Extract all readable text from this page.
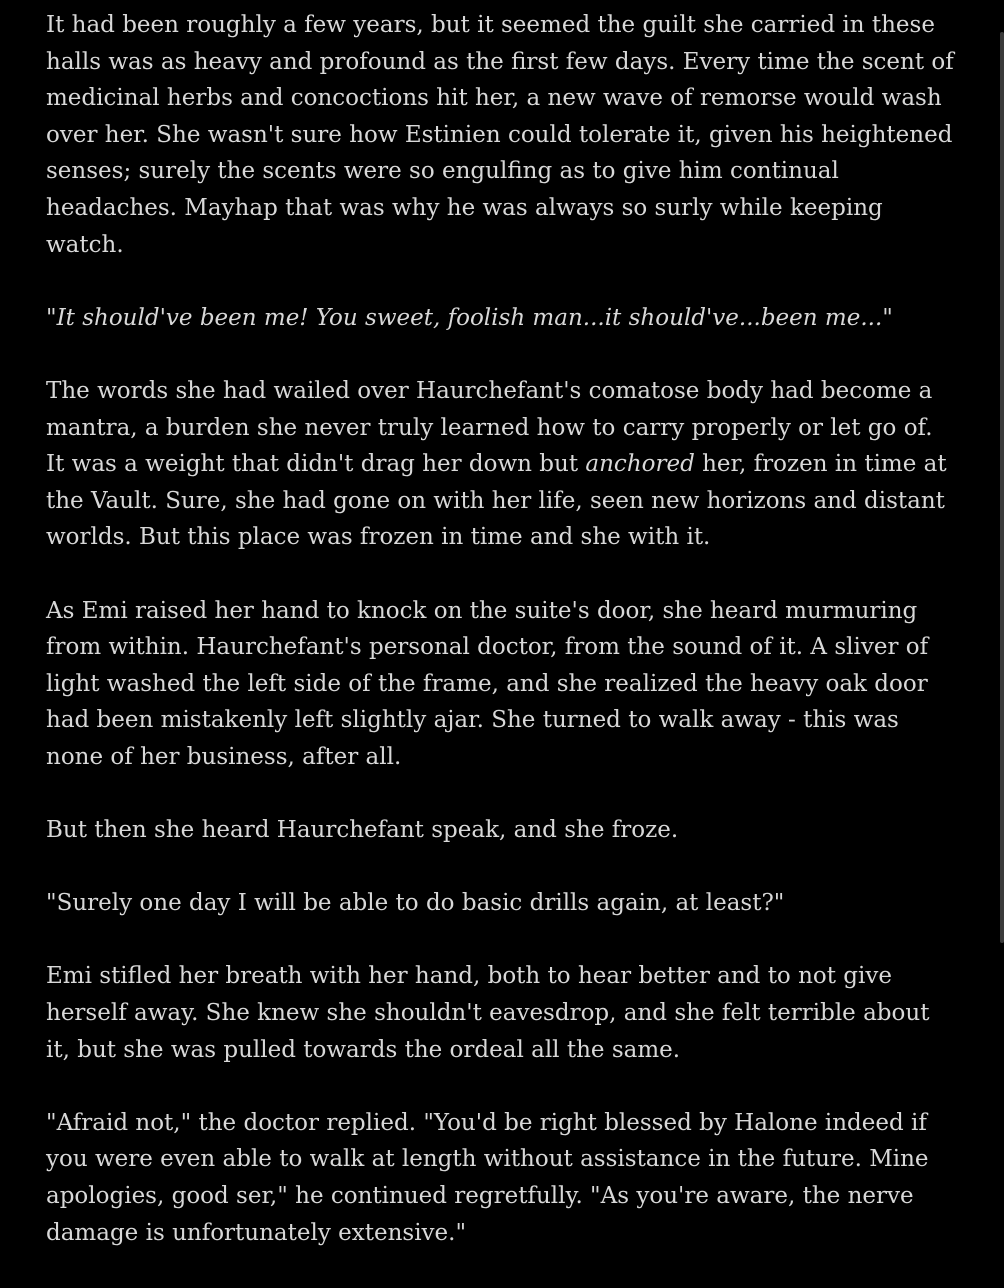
It had been roughly a few years, but it seemed the guilt she carried in these halls was as heavy and profound as the first few days. Every time the scent of medicinal herbs and concoctions hit her, a new wave of remorse would wash over her. She wasn't sure how Estinien could tolerate it, given his heightened senses; surely the scents were so engulfing as to give him continual headaches. Mayhap that was why he was always so surly while keeping watch.

"It should've been me! You sweet, foolish man...it should've...been me..."

The words she had wailed over Haurchefant's comatose body had become a mantra, a burden she never truly learned how to carry properly or let go of. It was a weight that didn't drag her down but anchored her, frozen in time at the Vault. Sure, she had gone on with her life, seen new horizons and distant worlds. But this place was frozen in time and she with it.

As Emi raised her hand to knock on the suite's door, she heard murmuring from within. Haurchefant's personal doctor, from the sound of it. A sliver of light washed the left side of the frame, and she realized the heavy oak door had been mistakenly left slightly ajar. She turned to walk away - this was none of her business, after all.

But then she heard Haurchefant speak, and she froze.

"Surely one day I will be able to do basic drills again, at least?"

Emi stifled her breath with her hand, both to hear better and to not give herself away. She knew she shouldn't eavesdrop, and she felt terrible about it, but she was pulled towards the ordeal all the same.

"Afraid not," the doctor replied. "You'd be right blessed by Halone indeed if you were even able to walk at length without assistance in the future. Mine apologies, good ser," he continued regretfully. "As you're aware, the nerve damage is unfortunately extensive."
